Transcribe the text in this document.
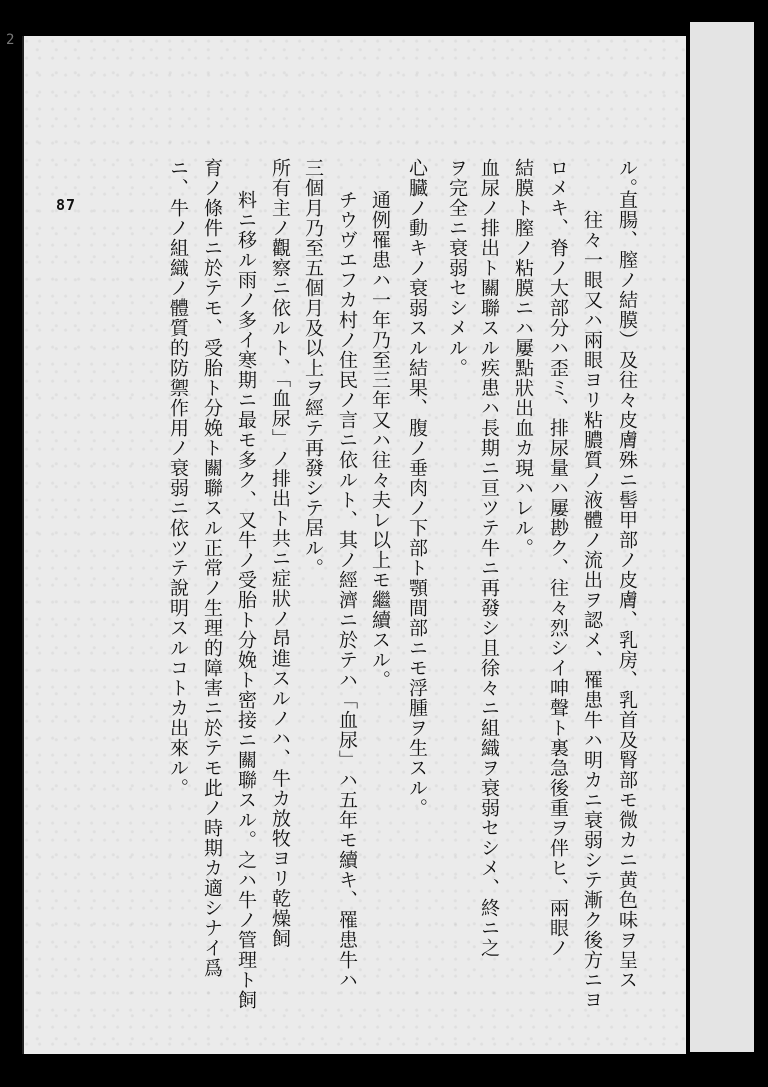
2
87
ル。
直腸、膣ノ結膜）及往々皮膚殊ニ髻甲部ノ皮膚、乳房、乳首及腎部モ微カニ黄色味ヲ呈ス
往々一眼又ハ兩眼ヨリ粘膿質ノ液體ノ流出ヲ認メ、罹患牛ハ明カニ衰弱シテ漸ク後方ニヨ
ロメキ、脊ノ大部分ハ歪ミ、排尿量ハ屢尠ク、往々烈シイ呻聲ト裏急後重ヲ伴ヒ、兩眼ノ
結膜ト膣ノ粘膜ニハ屢點狀出血カ現ハレル。
血尿ノ排出ト關聯スル疾患ハ長期ニ亘ツテ牛ニ再發シ且徐々ニ組織ヲ衰弱セシメ、終ニ之
ヲ完全ニ衰弱セシメル。
心臓ノ動キノ衰弱スル結果、腹ノ垂肉ノ下部ト顎間部ニモ浮腫ヲ生スル。
通例罹患ハ一年乃至三年又ハ往々夫レ以上モ繼續スル。
チウヴエフカ村ノ住民ノ言ニ依ルト、其ノ經濟ニ於テハ「血尿」ハ五年モ續キ、罹患牛ハ
三個月乃至五個月及以上ヲ經テ再發シテ居ル。
所有主ノ觀察ニ依ルト、「血尿」ノ排出ト共ニ症狀ノ昂進スルノハ、牛カ放牧ヨリ乾燥飼
料ニ移ル雨ノ多イ寒期ニ最モ多ク、又牛ノ受胎ト分娩ト密接ニ關聯スル。之ハ牛ノ管理ト飼
育ノ條件ニ於テモ、受胎ト分娩ト關聯スル正常ノ生理的障害ニ於テモ此ノ時期カ適シナイ爲
ニ、牛ノ組織ノ體質的防禦作用ノ衰弱ニ依ツテ說明スルコトカ出來ル。
